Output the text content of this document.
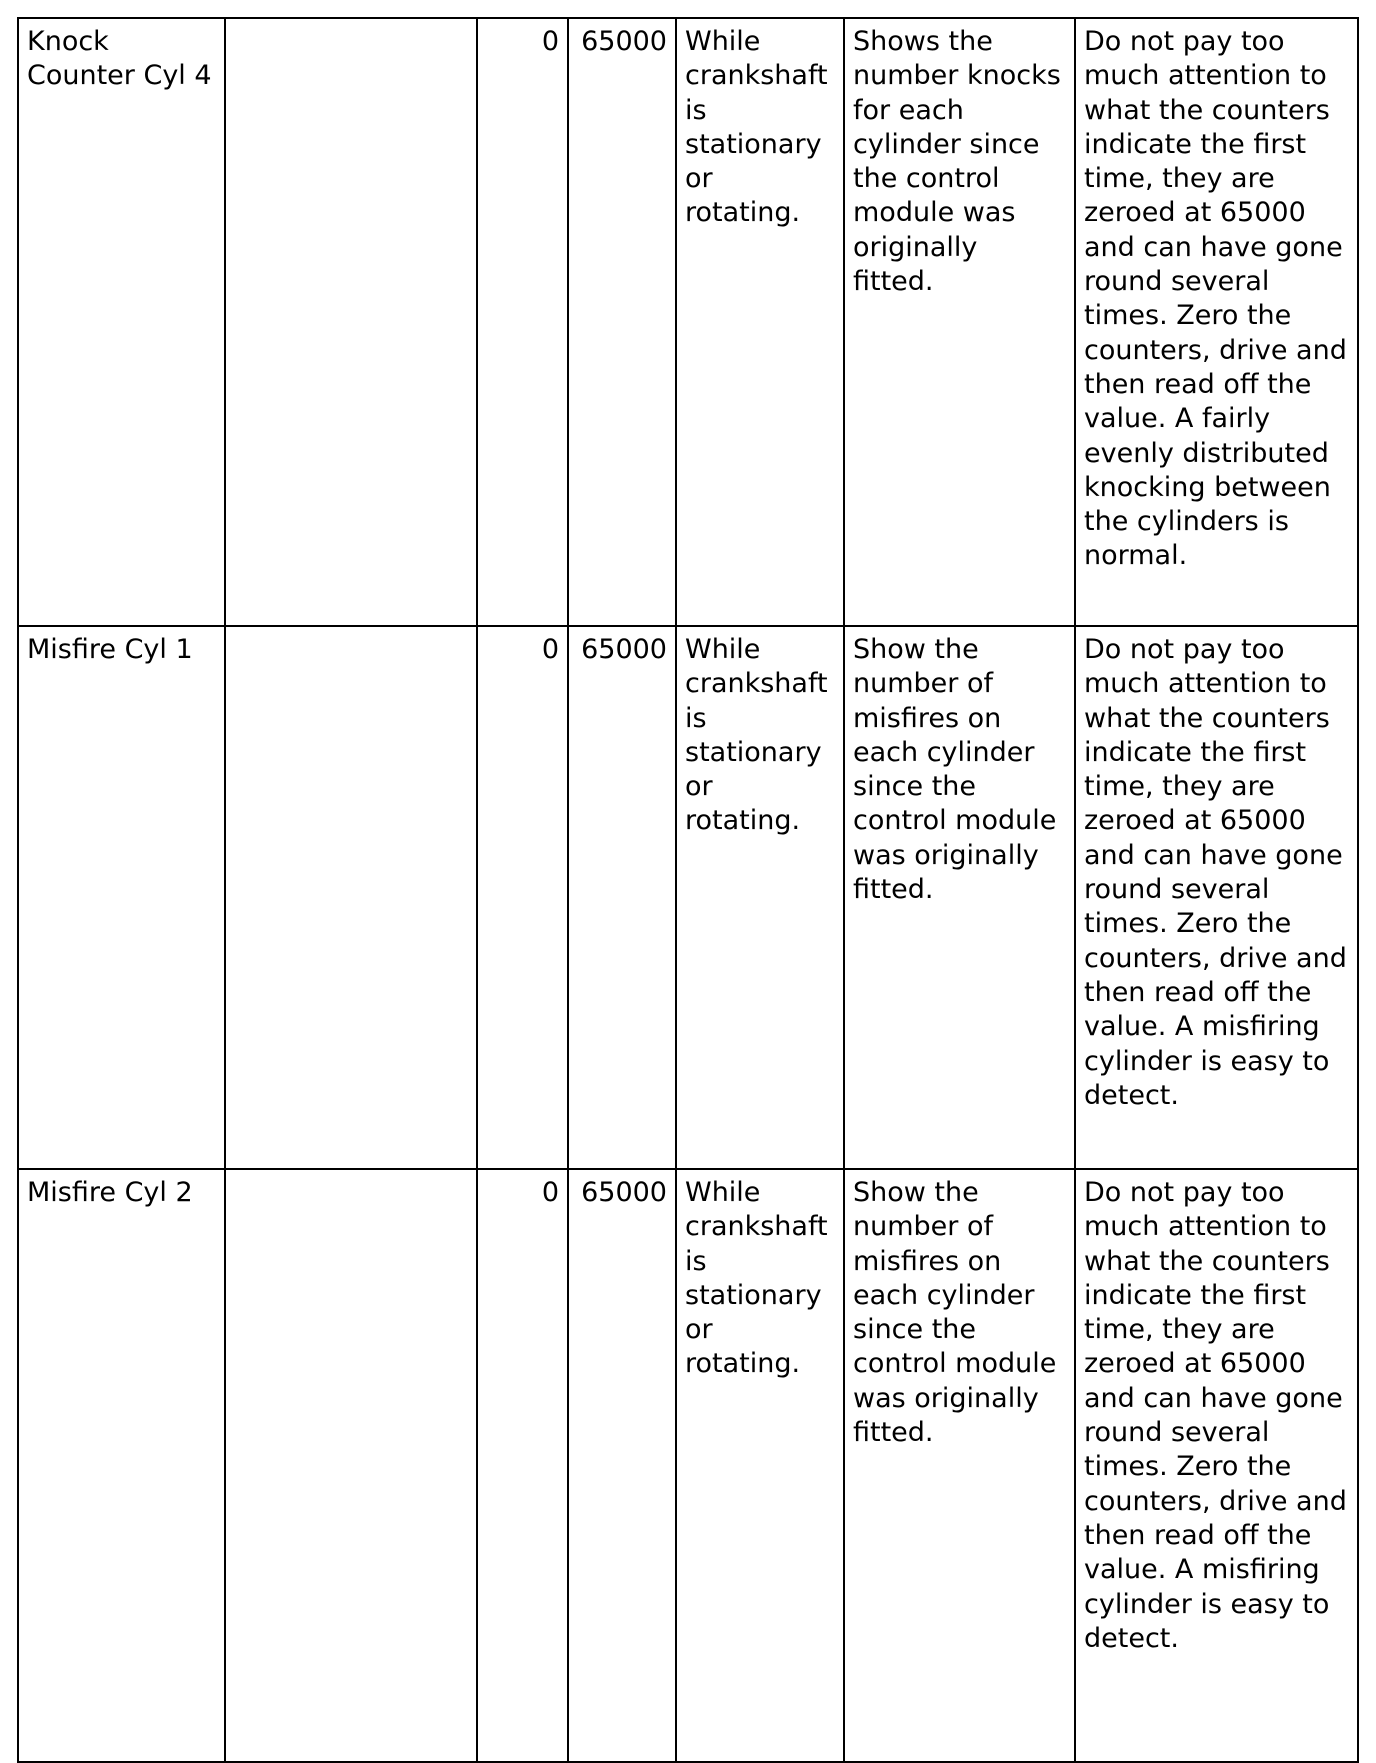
Knock Counter Cyl 4		0	65000	While crankshaft is stationary or rotating.	Shows the number knocks for each cylinder since the control module was originally fitted.	Do not pay too much attention to what the counters indicate the first time, they are zeroed at 65000 and can have gone round several times. Zero the counters, drive and then read off the value. A fairly evenly distributed knocking between the cylinders is normal.
Misfire Cyl 1		0	65000	While crankshaft is stationary or rotating.	Show the number of misfires on each cylinder since the control module was originally fitted.	Do not pay too much attention to what the counters indicate the first time, they are zeroed at 65000 and can have gone round several times. Zero the counters, drive and then read off the value. A misfiring cylinder is easy to detect.
Misfire Cyl 2		0	65000	While crankshaft is stationary or rotating.	Show the number of misfires on each cylinder since the control module was originally fitted.	Do not pay too much attention to what the counters indicate the first time, they are zeroed at 65000 and can have gone round several times. Zero the counters, drive and then read off the value. A misfiring cylinder is easy to detect.
